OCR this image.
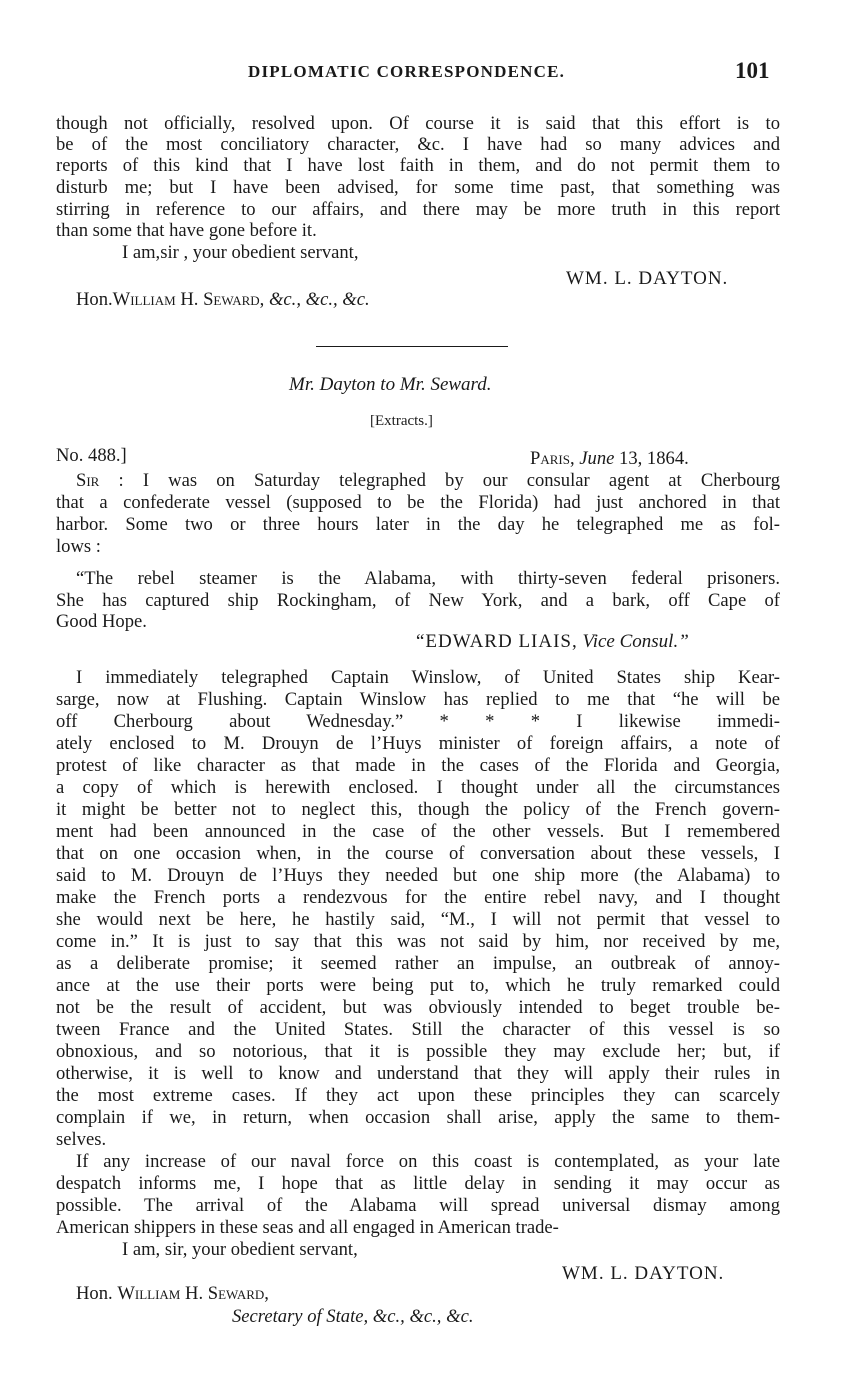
DIPLOMATIC CORRESPONDENCE.	101
though not officially, resolved upon. Of course it is said that this effort is to
be of the most conciliatory character, &c. I have had so many advices and
reports of this kind that I have lost faith in them, and do not permit them to
disturb me; but I have been advised, for some time past, that something was
stirring in reference to our affairs, and there may be more truth in this report
than some that have gone before it.
I am,sir , your obedient servant,
WM. L. DAYTON.
Hon.William H. Seward, &c., &c., &c.
Mr. Dayton to Mr. Seward.
[Extracts.]
No. 488.]	Paris, June 13, 1864.
Sir : I was on Saturday telegraphed by our consular agent at Cherbourg
that a confederate vessel (supposed to be the Florida) had just anchored in that
harbor. Some two or three hours later in the day he telegraphed me as fol-
lows :
“The rebel steamer is the Alabama, with thirty-seven federal prisoners.
She has captured ship Rockingham, of New York, and a bark, off Cape of
Good Hope.
“EDWARD LIAIS, Vice Consul.”
I immediately telegraphed Captain Winslow, of United States ship Kear-
sarge, now at Flushing. Captain Winslow has replied to me that “he will be
off Cherbourg about Wednesday.” * * * I likewise immedi-
ately enclosed to M. Drouyn de l’Huys minister of foreign affairs, a note of
protest of like character as that made in the cases of the Florida and Georgia,
a copy of which is herewith enclosed. I thought under all the circumstances
it might be better not to neglect this, though the policy of the French govern-
ment had been announced in the case of the other vessels. But I remembered
that on one occasion when, in the course of conversation about these vessels, I
said to M. Drouyn de l’Huys they needed but one ship more (the Alabama) to
make the French ports a rendezvous for the entire rebel navy, and I thought
she would next be here, he hastily said, “M., I will not permit that vessel to
come in.” It is just to say that this was not said by him, nor received by me,
as a deliberate promise; it seemed rather an impulse, an outbreak of annoy-
ance at the use their ports were being put to, which he truly remarked could
not be the result of accident, but was obviously intended to beget trouble be-
tween France and the United States. Still the character of this vessel is so
obnoxious, and so notorious, that it is possible they may exclude her; but, if
otherwise, it is well to know and understand that they will apply their rules in
the most extreme cases. If they act upon these principles they can scarcely
complain if we, in return, when occasion shall arise, apply the same to them-
selves.
If any increase of our naval force on this coast is contemplated, as your late
despatch informs me, I hope that as little delay in sending it may occur as
possible. The arrival of the Alabama will spread universal dismay among
American shippers in these seas and all engaged in American trade-
I am, sir, your obedient servant,
WM. L. DAYTON.
Hon. William H. Seward,
Secretary of State, &c., &c., &c.
